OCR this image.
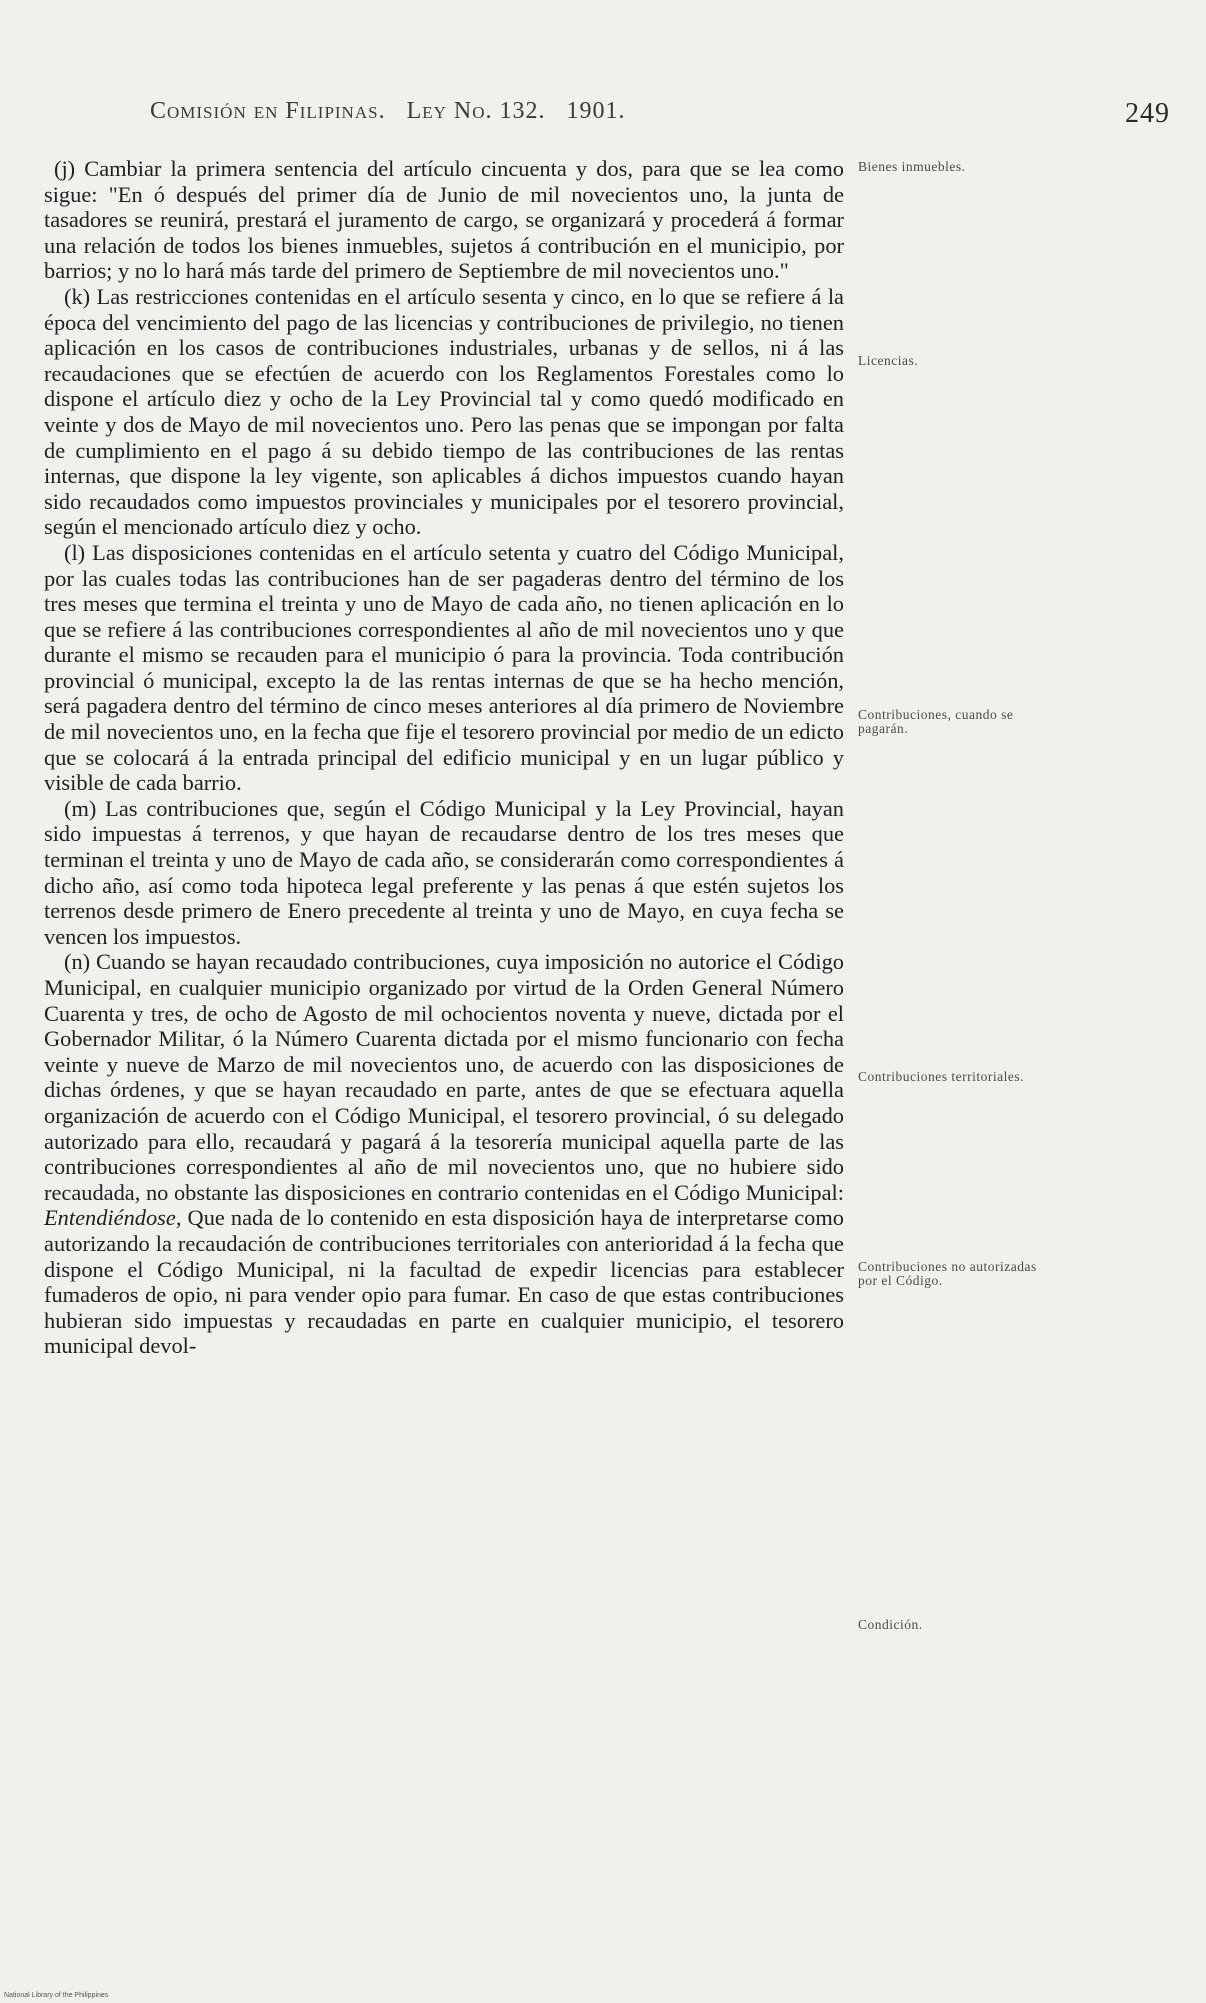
Comisión en Filipinas. Ley No. 132. 1901.	249

(j) Cambiar la primera sentencia del artículo cincuenta y dos, para que se lea como sigue: "En ó después del primer día de Junio de mil novecientos uno, la junta de tasadores se reunirá, prestará el juramento de cargo, se organizará y procederá á formar una relación de todos los bienes inmuebles, sujetos á contribución en el municipio, por barrios; y no lo hará más tarde del primero de Septiembre de mil novecientos uno."

(k) Las restricciones contenidas en el artículo sesenta y cinco, en lo que se refiere á la época del vencimiento del pago de las licencias y contribuciones de privilegio, no tienen aplicación en los casos de contribuciones industriales, urbanas y de sellos, ni á las recaudaciones que se efectúen de acuerdo con los Reglamentos Forestales como lo dispone el artículo diez y ocho de la Ley Provincial tal y como quedó modificado en veinte y dos de Mayo de mil novecientos uno. Pero las penas que se impongan por falta de cumplimiento en el pago á su debido tiempo de las contribuciones de las rentas internas, que dispone la ley vigente, son aplicables á dichos impuestos cuando hayan sido recaudados como impuestos provinciales y municipales por el tesorero provincial, según el mencionado artículo diez y ocho.

(l) Las disposiciones contenidas en el artículo setenta y cuatro del Código Municipal, por las cuales todas las contribuciones han de ser pagaderas dentro del término de los tres meses que termina el treinta y uno de Mayo de cada año, no tienen aplicación en lo que se refiere á las contribuciones correspondientes al año de mil novecientos uno y que durante el mismo se recauden para el municipio ó para la provincia. Toda contribución provincial ó municipal, excepto la de las rentas internas de que se ha hecho mención, será pagadera dentro del término de cinco meses anteriores al día primero de Noviembre de mil novecientos uno, en la fecha que fije el tesorero provincial por medio de un edicto que se colocará á la entrada principal del edificio municipal y en un lugar público y visible de cada barrio.

(m) Las contribuciones que, según el Código Municipal y la Ley Provincial, hayan sido impuestas á terrenos, y que hayan de recaudarse dentro de los tres meses que terminan el treinta y uno de Mayo de cada año, se considerarán como correspondientes á dicho año, así como toda hipoteca legal preferente y las penas á que estén sujetos los terrenos desde primero de Enero precedente al treinta y uno de Mayo, en cuya fecha se vencen los impuestos.

(n) Cuando se hayan recaudado contribuciones, cuya imposición no autorice el Código Municipal, en cualquier municipio organizado por virtud de la Orden General Número Cuarenta y tres, de ocho de Agosto de mil ochocientos noventa y nueve, dictada por el Gobernador Militar, ó la Número Cuarenta dictada por el mismo funcionario con fecha veinte y nueve de Marzo de mil novecientos uno, de acuerdo con las disposiciones de dichas órdenes, y que se hayan recaudado en parte, antes de que se efectuara aquella organización de acuerdo con el Código Municipal, el tesorero provincial, ó su delegado autorizado para ello, recaudará y pagará á la tesorería municipal aquella parte de las contribuciones correspondientes al año de mil novecientos uno, que no hubiere sido recaudada, no obstante las disposiciones en contrario contenidas en el Código Municipal: Entendiéndose, Que nada de lo contenido en esta disposición haya de interpretarse como autorizando la recaudación de contribuciones territoriales con anterioridad á la fecha que dispone el Código Municipal, ni la facultad de expedir licencias para establecer fumaderos de opio, ni para vender opio para fumar. En caso de que estas contribuciones hubieran sido impuestas y recaudadas en parte en cualquier municipio, el tesorero municipal devol-

Bienes inmuebles.
Licencias.
Contribuciones, cuando se pagarán.
Contribuciones territoriales.
Contribuciones no autorizadas por el Código.
Condición.
National Library of the Philippines
